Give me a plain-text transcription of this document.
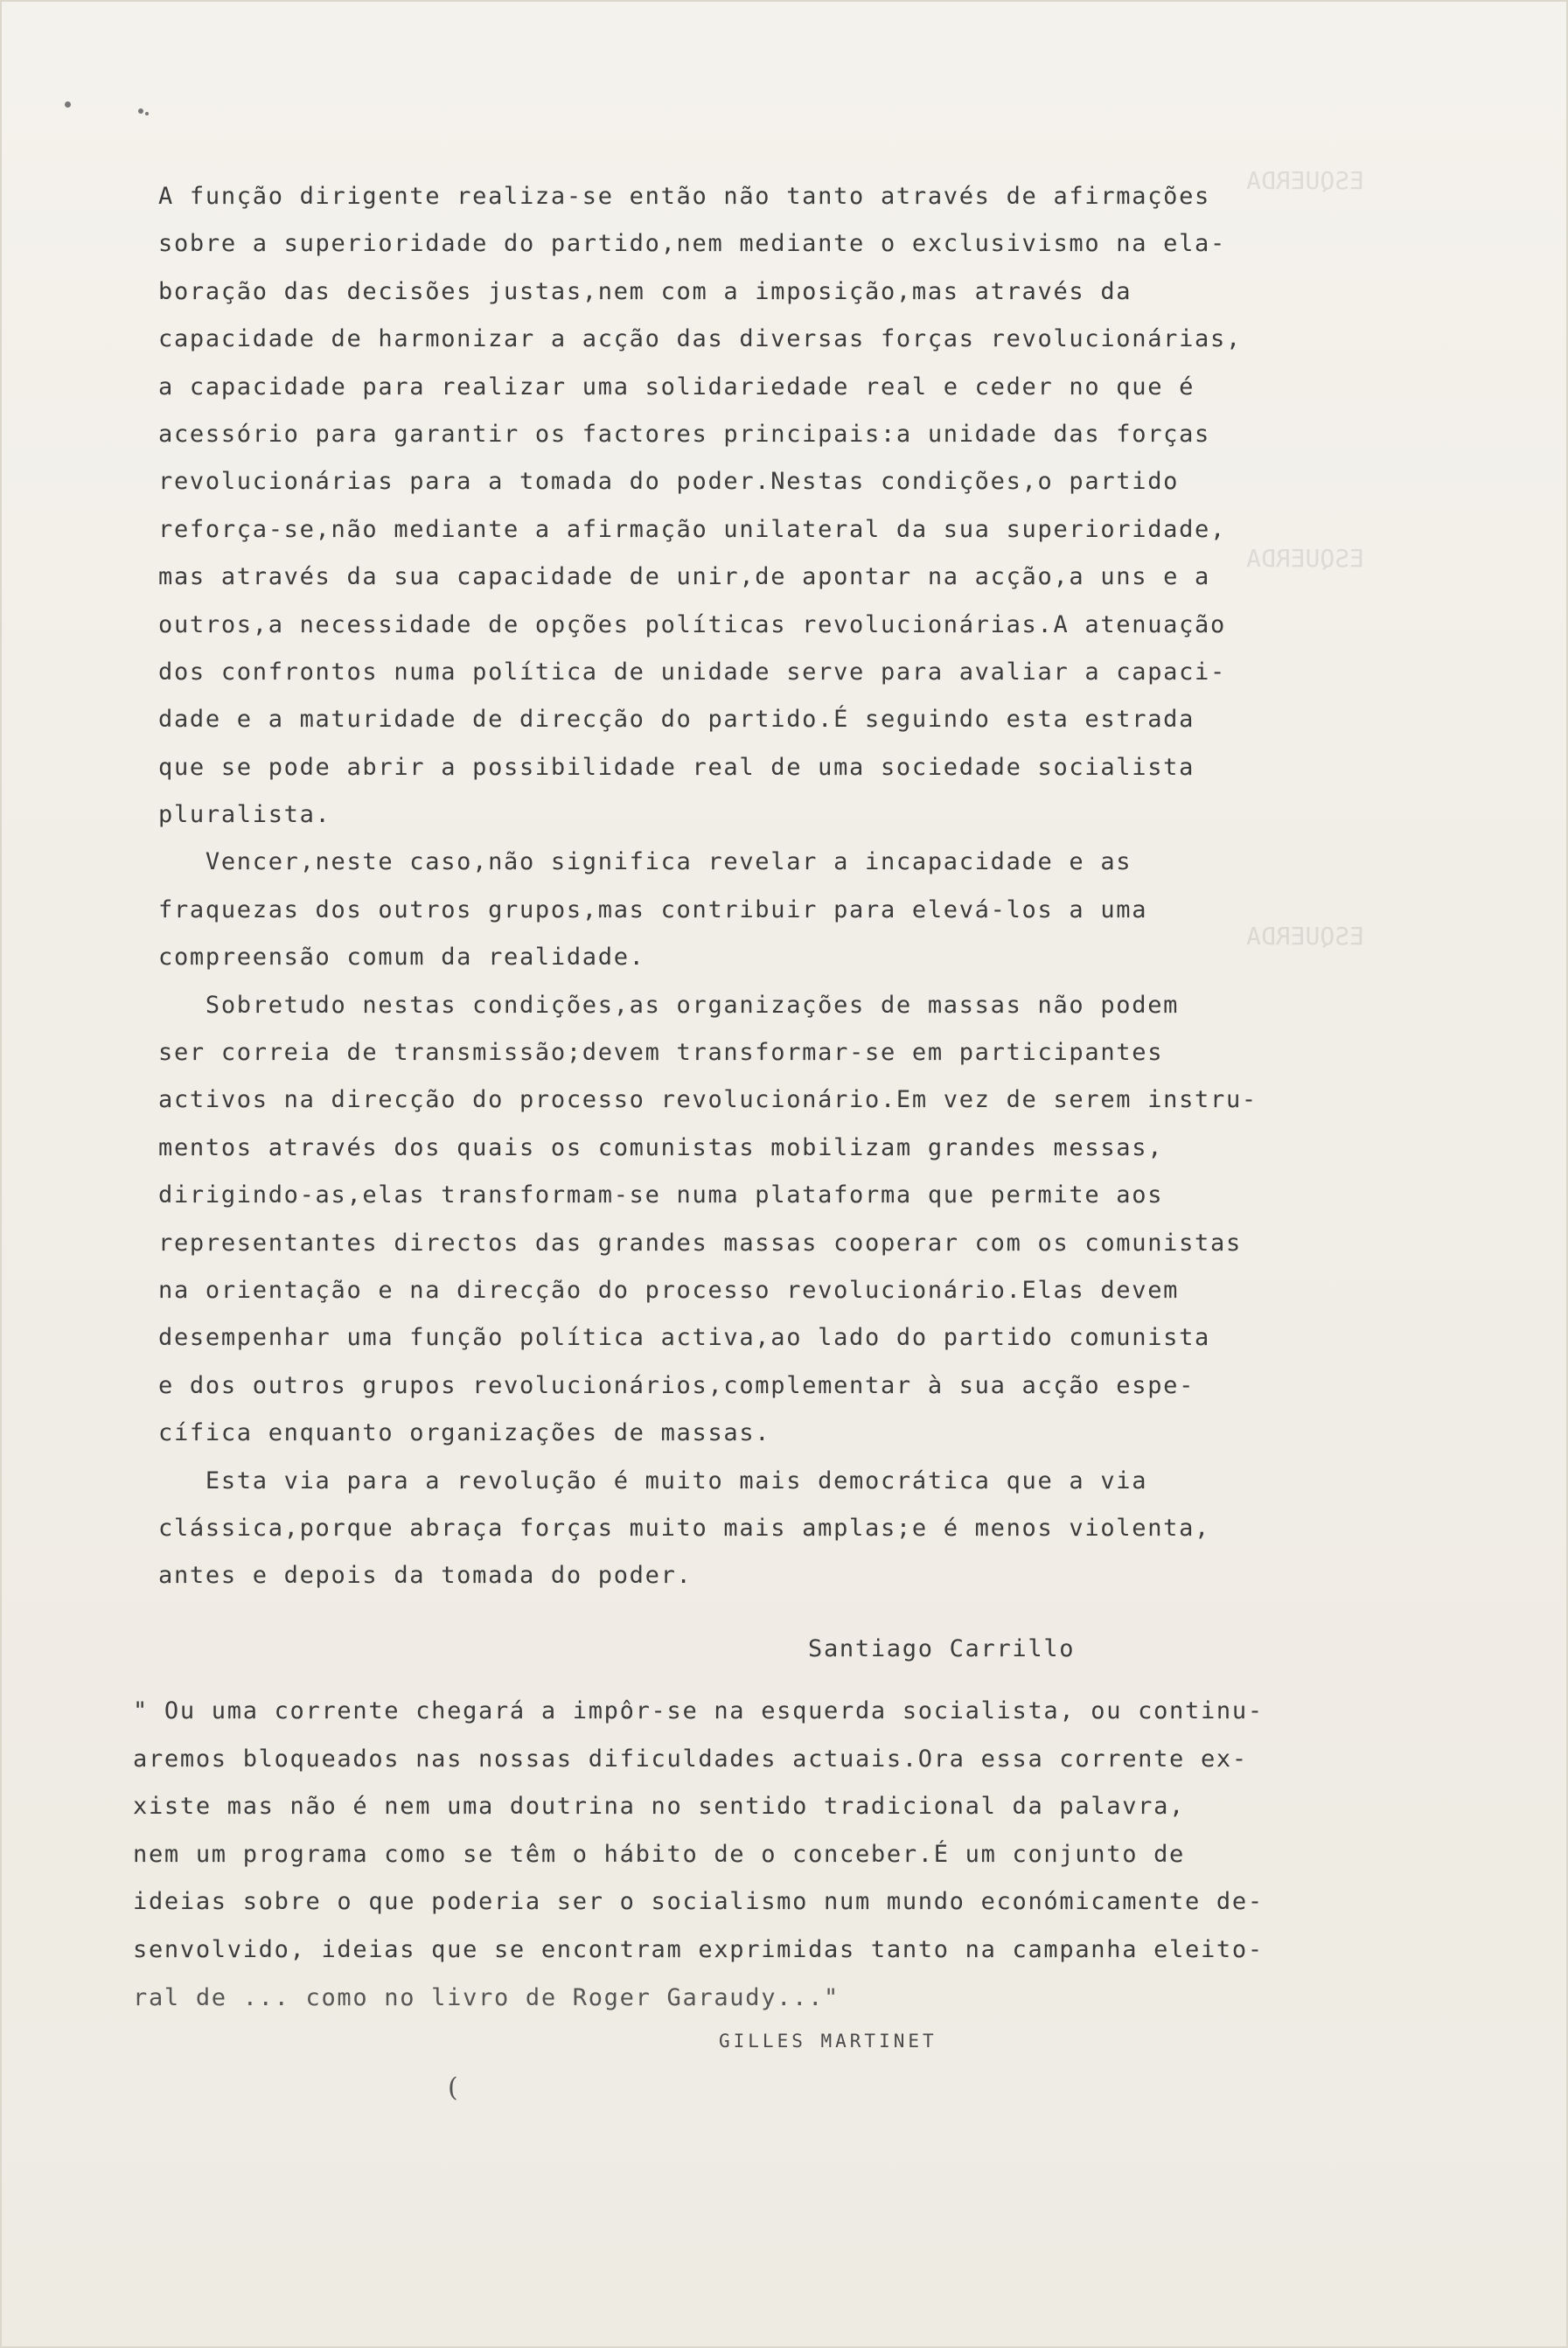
ESQUERDA

ESQUERDA

ESQUERDA
A função dirigente realiza-se então não tanto através de afirmações
sobre a superioridade do partido,nem mediante o exclusivismo na ela-
boração das decisões justas,nem com a imposição,mas através da
capacidade de harmonizar a acção das diversas forças revolucionárias,
a capacidade para realizar uma solidariedade real e ceder no que é
acessório para garantir os factores principais:a unidade das forças
revolucionárias para a tomada do poder.Nestas condições,o partido
reforça-se,não mediante a afirmação unilateral da sua superioridade,
mas através da sua capacidade de unir,de apontar na acção,a uns e a
outros,a necessidade de opções políticas revolucionárias.A atenuação
dos confrontos numa política de unidade serve para avaliar a capaci-
dade e a maturidade de direcção do partido.É seguindo esta estrada
que se pode abrir a possibilidade real de uma sociedade socialista
pluralista.
Vencer,neste caso,não significa revelar a incapacidade e as
fraquezas dos outros grupos,mas contribuir para elevá-los a uma
compreensão comum da realidade.
Sobretudo nestas condições,as organizações de massas não podem
ser correia de transmissão;devem transformar-se em participantes
activos na direcção do processo revolucionário.Em vez de serem instru-
mentos através dos quais os comunistas mobilizam grandes messas,
dirigindo-as,elas transformam-se numa plataforma que permite aos
representantes directos das grandes massas cooperar com os comunistas
na orientação e na direcção do processo revolucionário.Elas devem
desempenhar uma função política activa,ao lado do partido comunista
e dos outros grupos revolucionários,complementar à sua acção espe-
cífica enquanto organizações de massas.
Esta via para a revolução é muito mais democrática que a via
clássica,porque abraça forças muito mais amplas;e é menos violenta,
antes e depois da tomada do poder.
Santiago Carrillo
" Ou uma corrente chegará a impôr-se na esquerda socialista, ou continu-
aremos bloqueados nas nossas dificuldades actuais.Ora essa corrente ex-
xiste mas não é nem uma doutrina no sentido tradicional da palavra,
nem um programa como se têm o hábito de o conceber.É um conjunto de
ideias sobre o que poderia ser o socialismo num mundo económicamente de-
senvolvido, ideias que se encontram exprimidas tanto na campanha eleito-
ral de ... como no livro de Roger Garaudy..."
GILLES MARTINET
(
